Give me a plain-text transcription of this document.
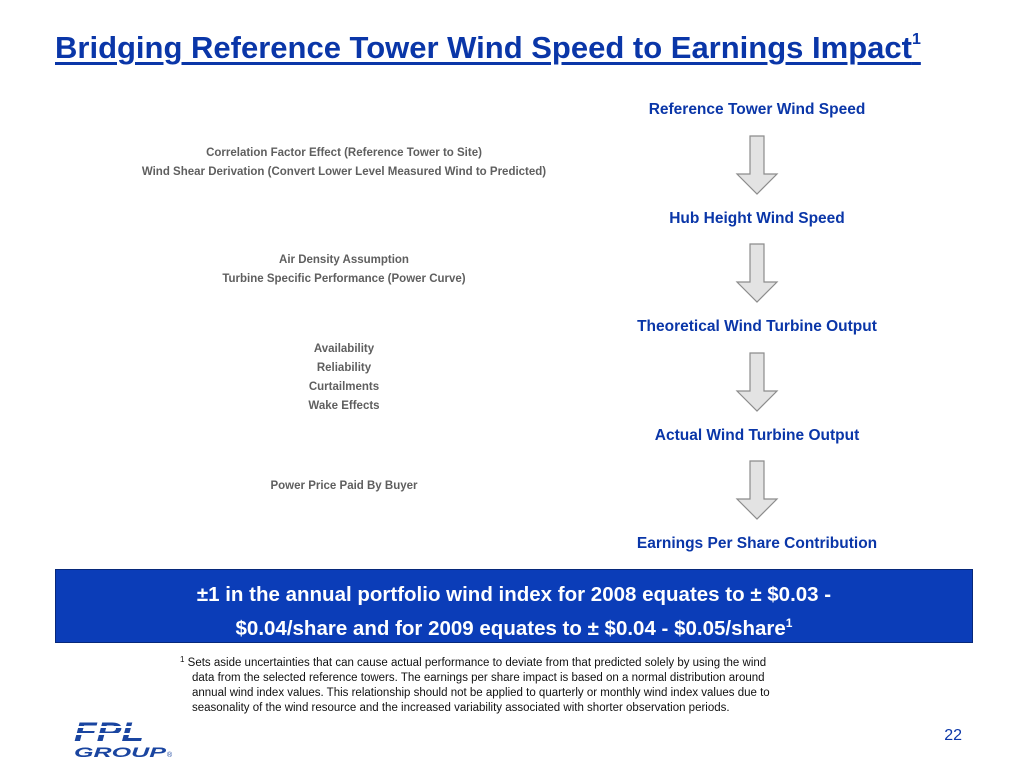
Bridging Reference Tower Wind Speed to Earnings Impact$^1$
Reference Tower Wind Speed
Hub Height Wind Speed
Theoretical Wind Turbine Output
Actual Wind Turbine Output
Earnings Per Share Contribution
Correlation Factor Effect (Reference Tower to Site)
Wind Shear Derivation (Convert Lower Level Measured Wind to Predicted)
Air Density Assumption
Turbine Specific Performance (Power Curve)
Availability
Reliability
Curtailments
Wake Effects
Power Price Paid By Buyer
±1 in the annual portfolio wind index for 2008 equates to ± $0.03 -
$0.04/share and for 2009 equates to ± $0.04 - $0.05/share$^1$
$^1$ Sets aside uncertainties that can cause actual performance to deviate from that predicted solely by using the wind
data from the selected reference towers. The earnings per share impact is based on a normal distribution around
annual wind index values. This relationship should not be applied to quarterly or monthly wind index values due to
seasonality of the wind resource and the increased variability associated with shorter observation periods.
FPL
GROUP ®
22
